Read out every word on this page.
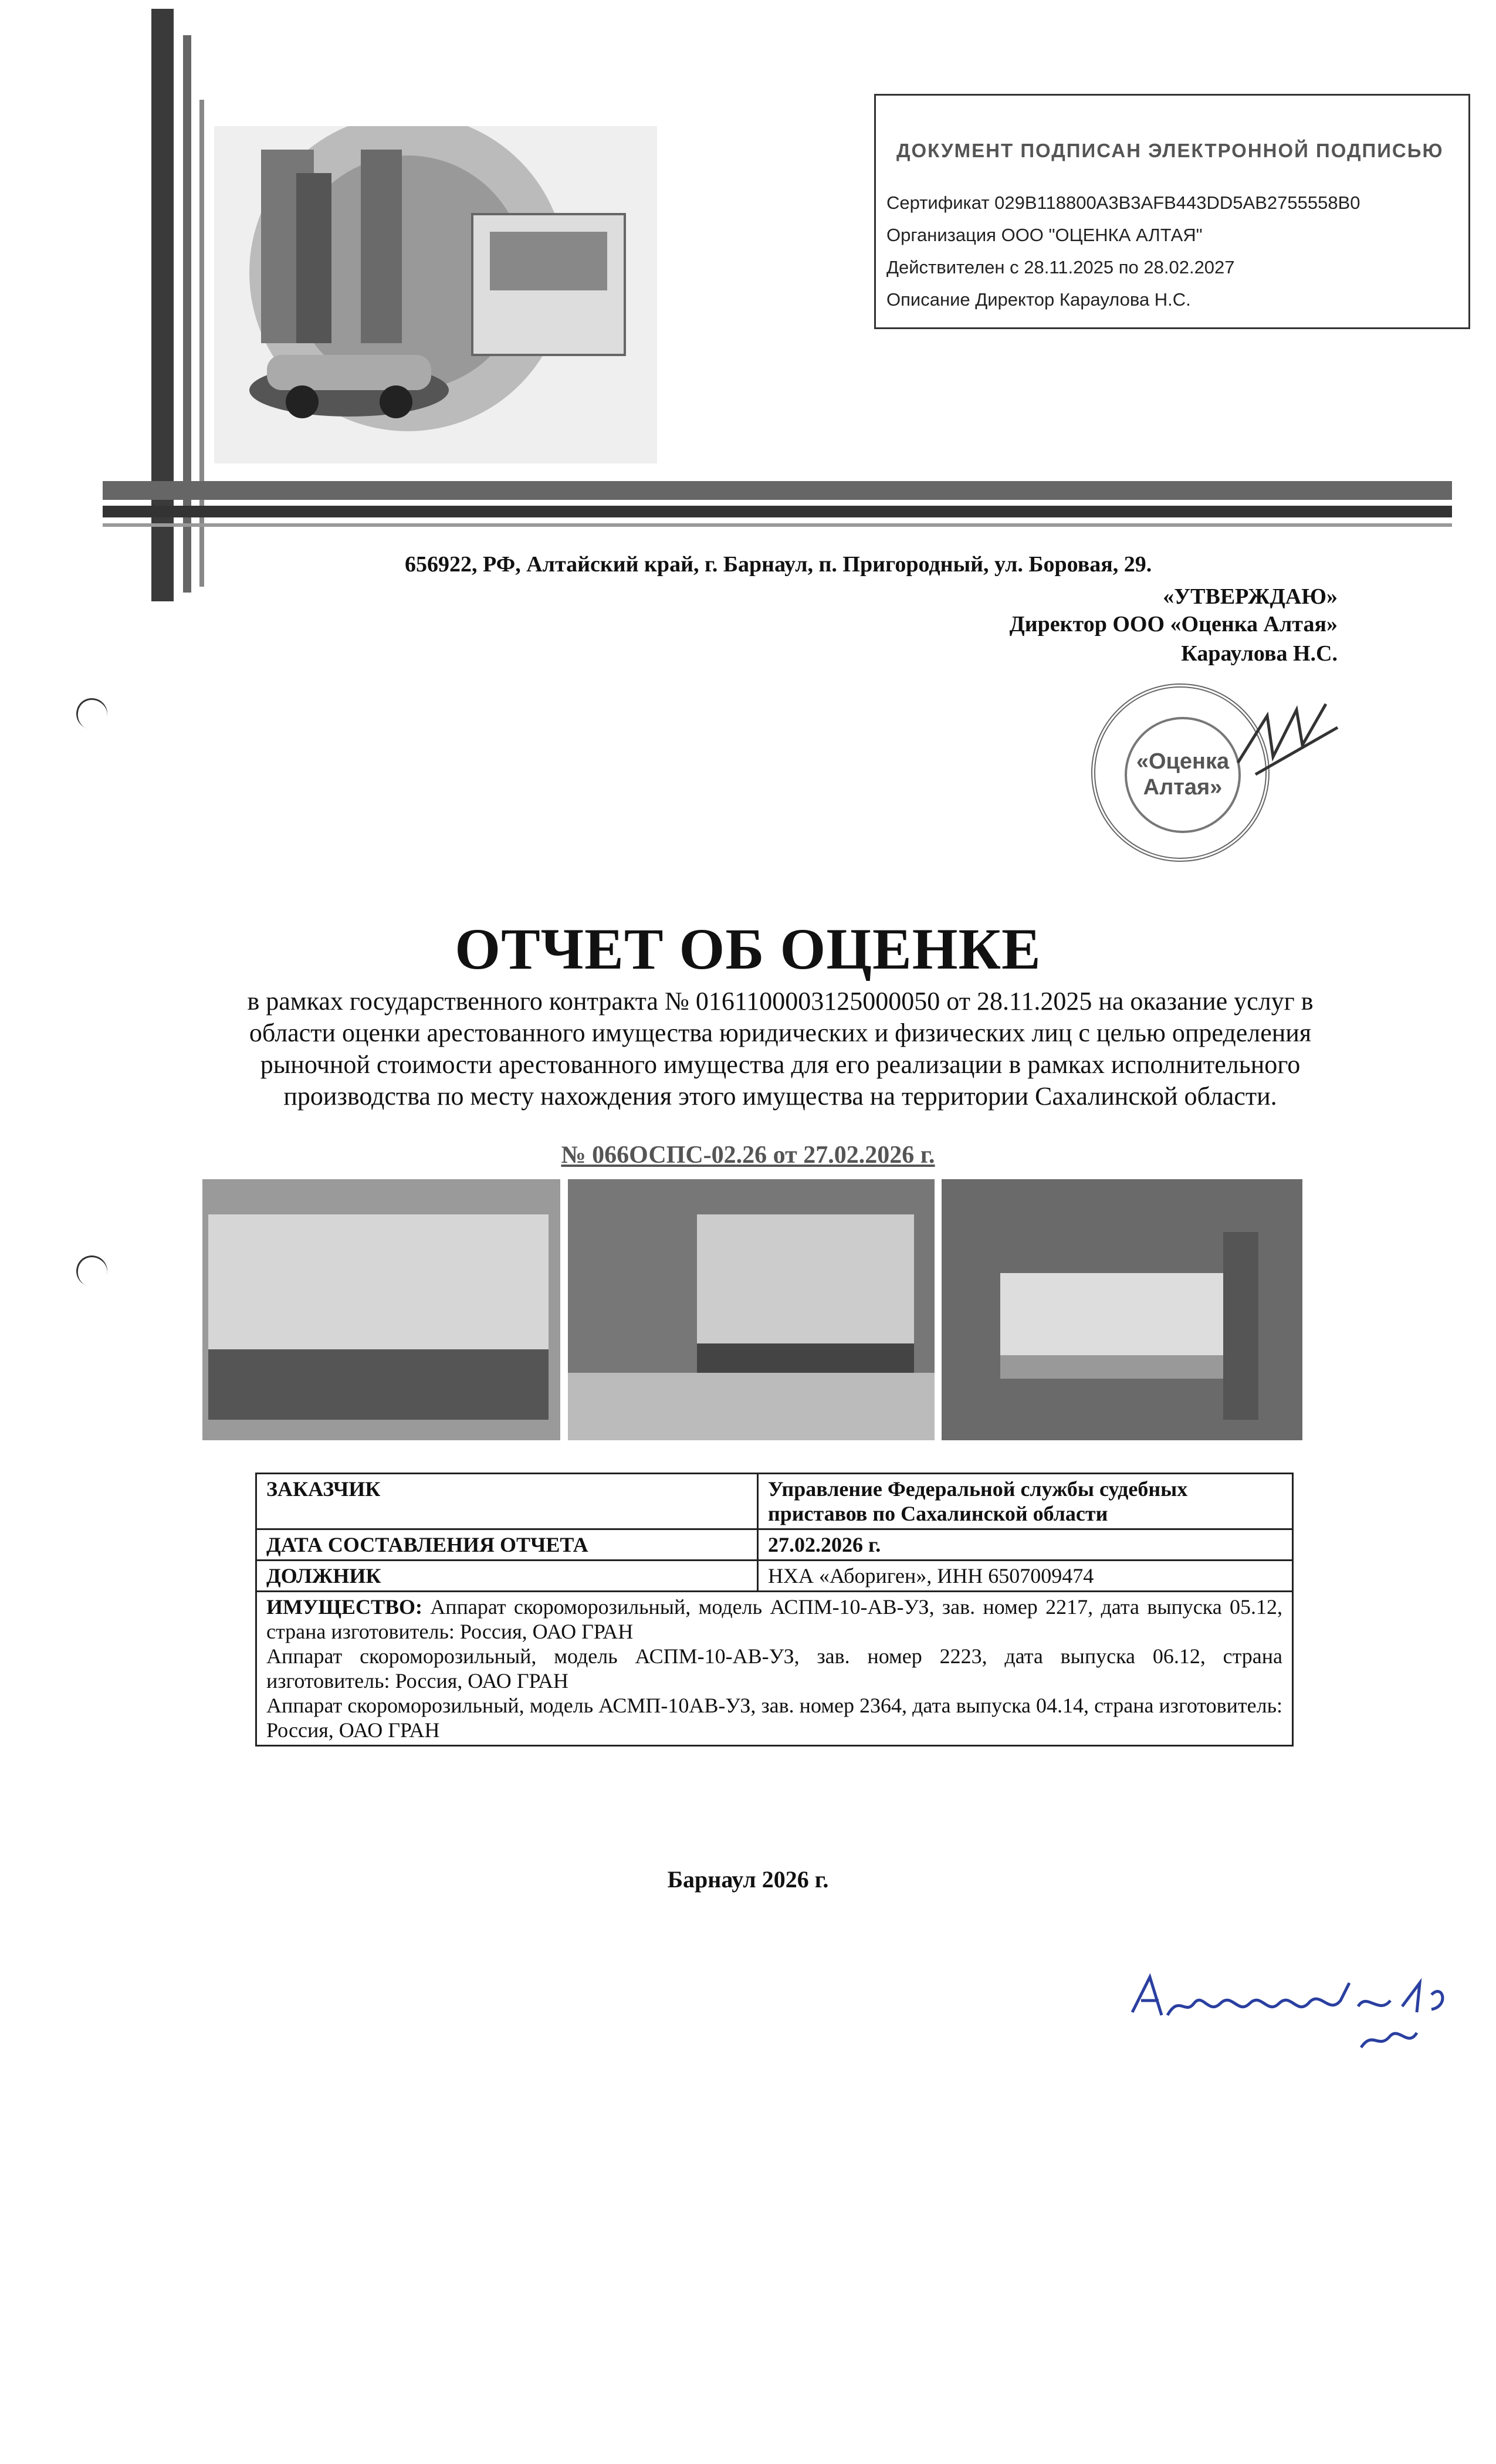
ДОКУМЕНТ ПОДПИСАН ЭЛЕКТРОННОЙ ПОДПИСЬЮ
Сертификат 029B118800A3B3AFB443DD5AB2755558B0
Организация ООО "ОЦЕНКА АЛТАЯ"
Действителен с 28.11.2025 по 28.02.2027
Описание Директор Караулова Н.С.
656922, РФ, Алтайский край, г. Барнаул, п. Пригородный, ул. Боровая, 29.
«УТВЕРЖДАЮ»
Директор ООО «Оценка Алтая»
Караулова Н.С.
«Оценка
Алтая»
ОТЧЕТ ОБ ОЦЕНКЕ
в рамках государственного контракта № 0161100003125000050 от 28.11.2025 на оказание услуг в области оценки арестованного имущества юридических и физических лиц с целью определения рыночной стоимости арестованного имущества для его реализации в рамках исполнительного производства по месту нахождения этого имущества на территории Сахалинской области.
№ 066ОСПС-02.26 от 27.02.2026 г.
ЗАКАЗЧИК	Управление Федеральной службы судебных приставов по Сахалинской области
ДАТА СОСТАВЛЕНИЯ ОТЧЕТА	27.02.2026 г.
ДОЛЖНИК	НХА «Абориген», ИНН 6507009474
ИМУЩЕСТВО: Аппарат скороморозильный, модель АСПМ-10-АВ-УЗ, зав. номер 2217, дата выпуска 05.12, страна изготовитель: Россия, ОАО ГРАН
Аппарат скороморозильный, модель АСПМ-10-АВ-УЗ, зав. номер 2223, дата выпуска 06.12, страна изготовитель: Россия, ОАО ГРАН
Аппарат скороморозильный, модель АСМП-10АВ-УЗ, зав. номер 2364, дата выпуска 04.14, страна изготовитель: Россия, ОАО ГРАН	
Барнаул 2026 г.
